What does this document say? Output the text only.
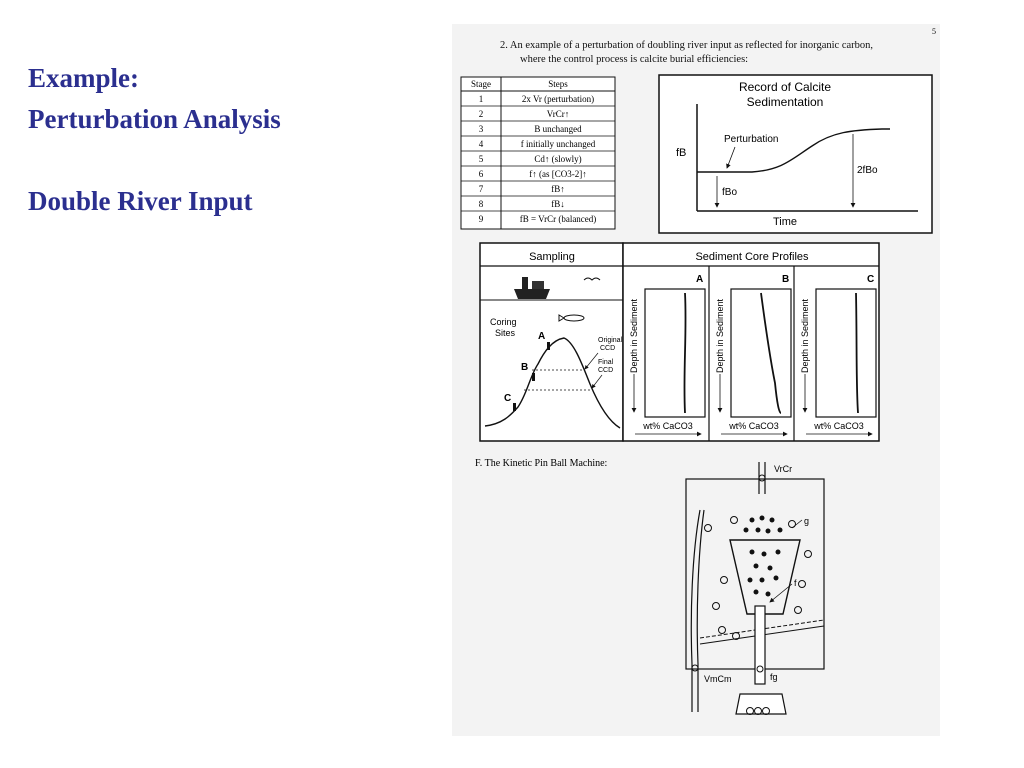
Example:
Perturbation Analysis
Double River Input
5
2. An example of a perturbation of doubling river input as reflected for inorganic carbon,
where the control process is calcite burial efficiencies:
Stage	Steps
1	2x Vr (perturbation)
2	VrCr↑
3	B unchanged
4	f initially unchanged
5	Cd↑ (slowly)
6	f↑ (as [CO3-2]↑
7	fB↑
8	fB↓
9	fB = VrCr (balanced)
Record of Calcite
Sedimentation
fB
Time
Perturbation
fBo
2fBo
Sampling
Coring
Sites A
B
C
Original
CCD
Final
CCD
Sediment Core Profiles
A
Depth in Sediment
wt% CaCO3
B
Depth in Sediment
wt% CaCO3
C
Depth in Sediment
wt% CaCO3
F. The Kinetic Pin Ball Machine:	VrCr
VmCm	fg
g
f
